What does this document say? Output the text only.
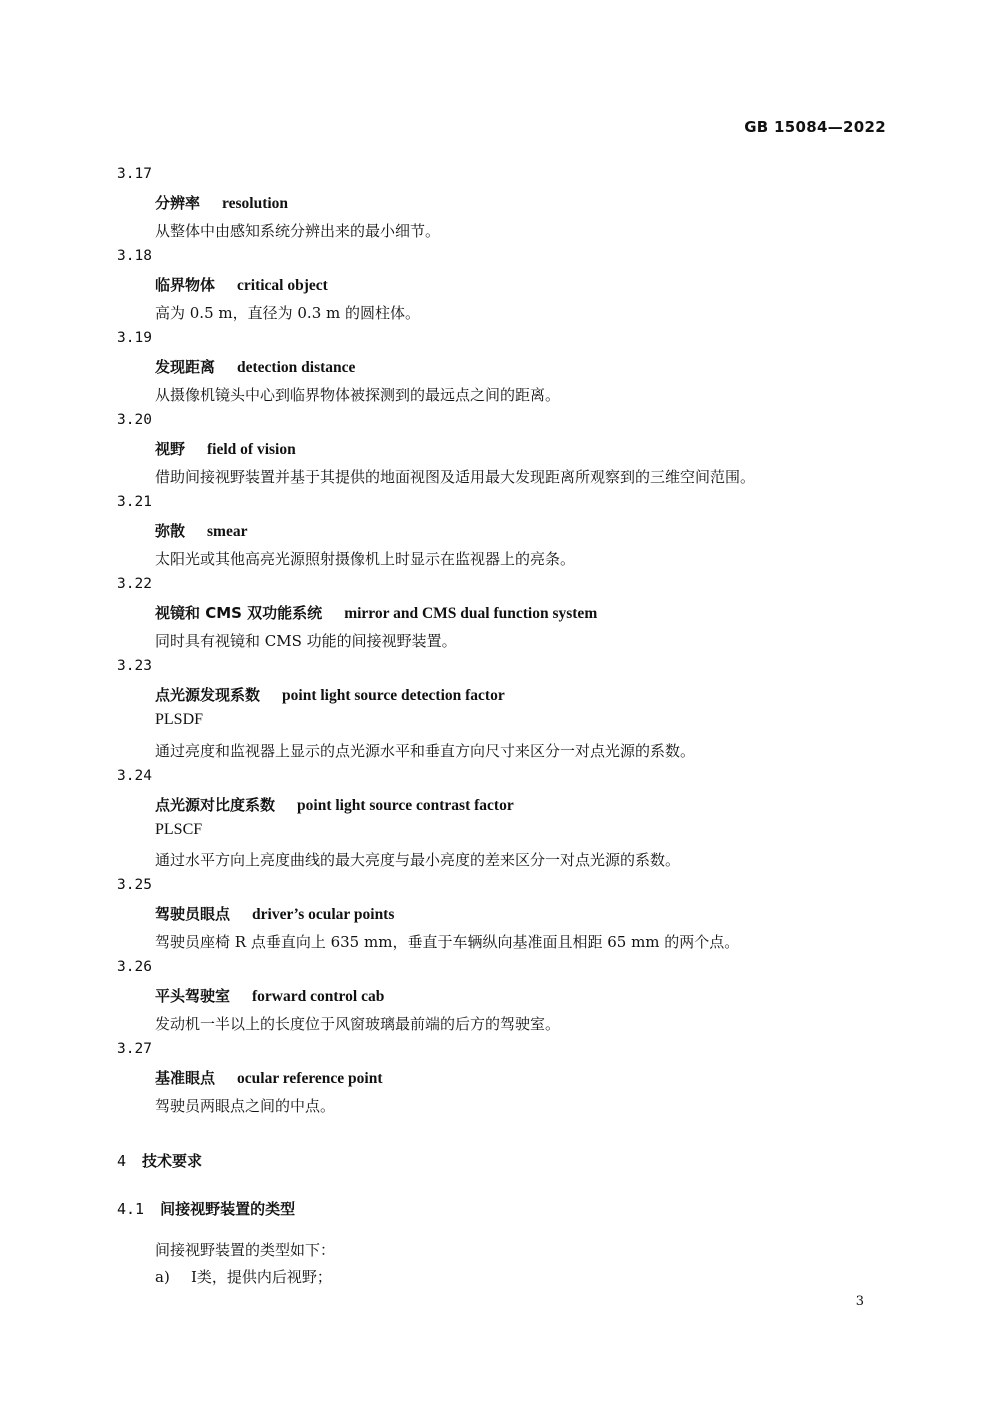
GB 15084—2022
3.17
分辨率 resolution
从整体中由感知系统分辨出来的最小细节。
3.18
临界物体 critical object
高为 0.5 m，直径为 0.3 m 的圆柱体。
3.19
发现距离 detection distance
从摄像机镜头中心到临界物体被探测到的最远点之间的距离。
3.20
视野 field of vision
借助间接视野装置并基于其提供的地面视图及适用最大发现距离所观察到的三维空间范围。
3.21
弥散 smear
太阳光或其他高亮光源照射摄像机上时显示在监视器上的亮条。
3.22
视镜和 CMS 双功能系统 mirror and CMS dual function system
同时具有视镜和 CMS 功能的间接视野装置。
3.23
点光源发现系数 point light source detection factor
PLSDF
通过亮度和监视器上显示的点光源水平和垂直方向尺寸来区分一对点光源的系数。
3.24
点光源对比度系数 point light source contrast factor
PLSCF
通过水平方向上亮度曲线的最大亮度与最小亮度的差来区分一对点光源的系数。
3.25
驾驶员眼点 driver’s ocular points
驾驶员座椅 R 点垂直向上 635 mm，垂直于车辆纵向基准面且相距 65 mm 的两个点。
3.26
平头驾驶室 forward control cab
发动机一半以上的长度位于风窗玻璃最前端的后方的驾驶室。
3.27
基准眼点 ocular reference point
驾驶员两眼点之间的中点。
4 技术要求
4.1 间接视野装置的类型
间接视野装置的类型如下：
a) Ⅰ类，提供内后视野；
3
